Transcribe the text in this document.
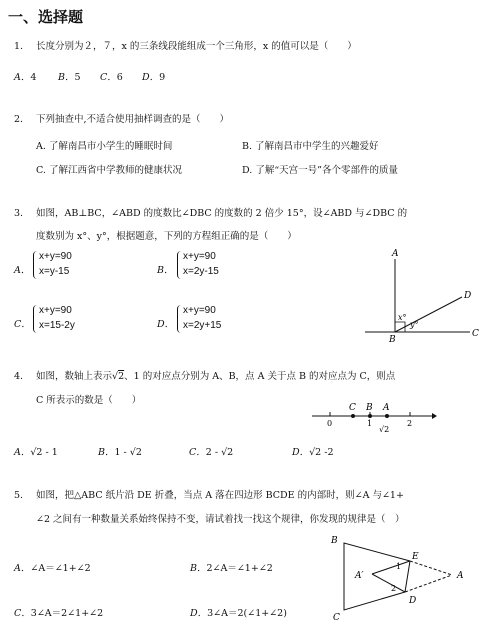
一、选择题
1. 长度分别为２，７，x 的三条线段能组成一个三角形，x 的值可以是（　　）
A．4 B．5 C．6 D．9
2. 下列抽查中,不适合使用抽样调查的是（　　）
A. 了解南昌市小学生的睡眠时间	B. 了解南昌市中学生的兴趣爱好
C. 了解江西省中学教师的健康状况	D. 了解“天宫一号”各个零部件的质量
3. 如图，AB⊥BC，∠ABD 的度数比∠DBC 的度数的 2 倍少 15°，设∠ABD 与∠DBC 的
度数别为 x°、y°，根据题意，下列的方程组正确的是（　　）
A．
x+y=90
x=y-15	B．
x+y=90
x=2y-15
C．
x+y=90
x=15-2y	D．
x+y=90
x=2y+15
A
B
C
D
x°
y°
4. 如图，数轴上表示√2、1 的对应点分别为 A、B，点 A 关于点 B 的对应点为 C，则点
C 所表示的数是（　　）
C B A
0	1	2
√2
A．√2 - 1	B．1 - √2	C．2 - √2	D．√2 -2
5. 如图，把△ABC 纸片沿 DE 折叠，当点 A 落在四边形 BCDE 的内部时，则∠A 与∠1+
∠2 之间有一种数量关系始终保持不变，请试着找一找这个规律，你发现的规律是（　）
A．∠A＝∠1+∠2	B．2∠A＝∠1+∠2
C．3∠A＝2∠1+∠2	D．3∠A＝2(∠1+∠2)
B
C
E
D
A
A′
1
2
